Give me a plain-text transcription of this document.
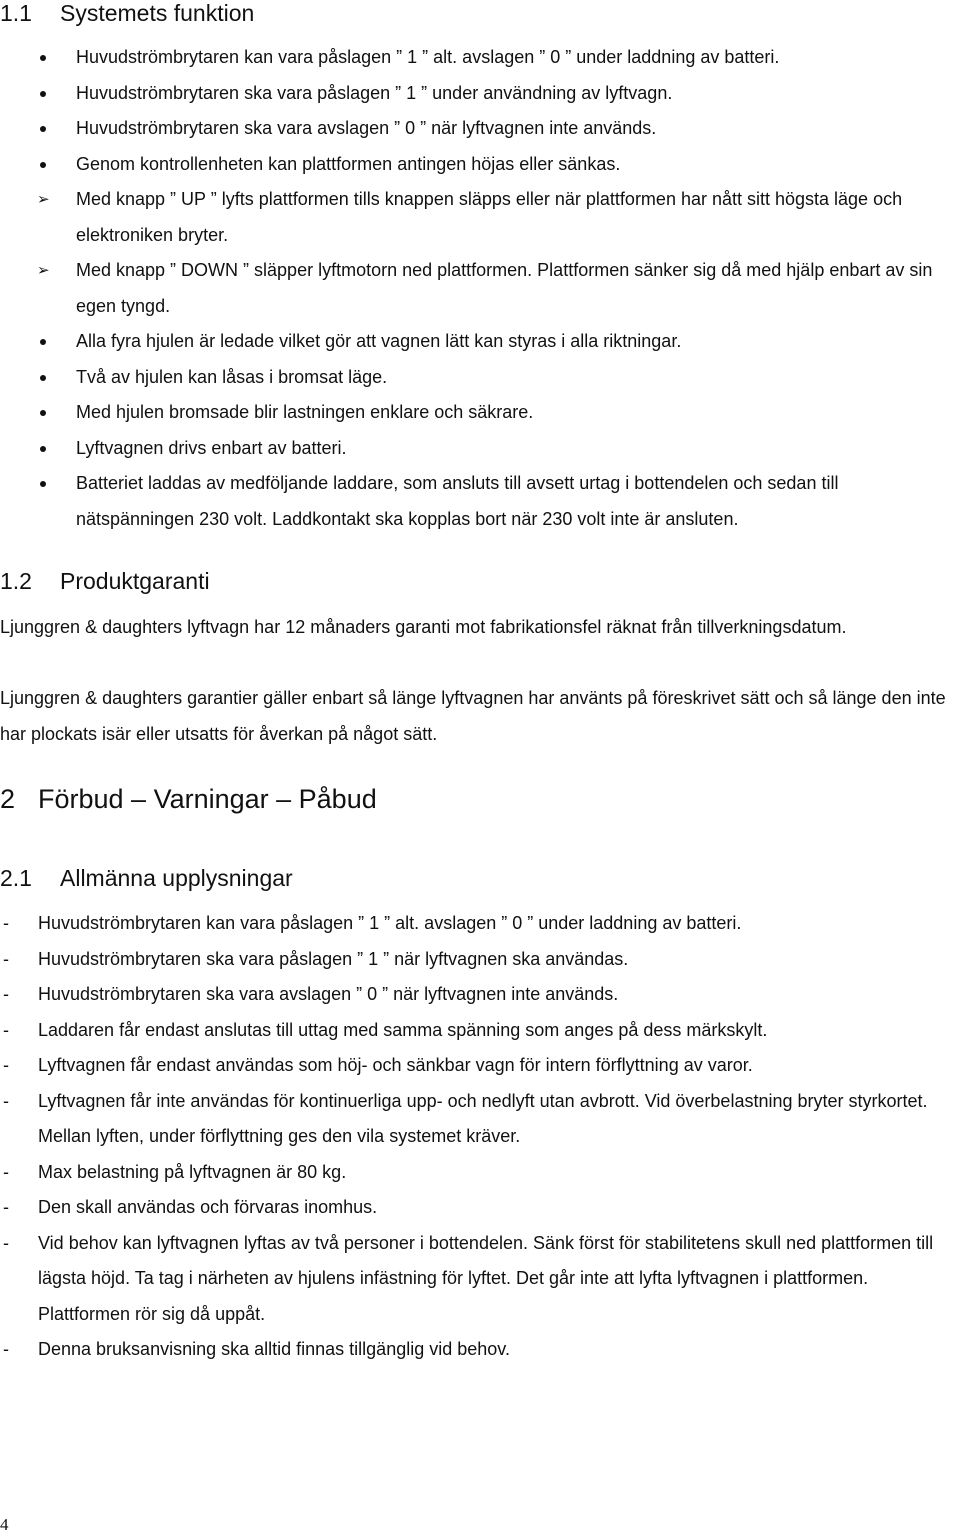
1.1 Systemets funktion
Huvudströmbrytaren kan vara påslagen ” 1 ” alt. avslagen ” 0 ” under laddning av batteri.
Huvudströmbrytaren ska vara påslagen ” 1 ” under användning av lyftvagn.
Huvudströmbrytaren ska vara avslagen ” 0 ” när lyftvagnen inte används.
Genom kontrollenheten kan plattformen antingen höjas eller sänkas.
➢ Med knapp ” UP ” lyfts plattformen tills knappen släpps eller när plattformen har nått sitt högsta läge och elektroniken bryter.
➢ Med knapp ” DOWN ” släpper lyftmotorn ned plattformen. Plattformen sänker sig då med hjälp enbart av sin egen tyngd.
Alla fyra hjulen är ledade vilket gör att vagnen lätt kan styras i alla riktningar.
Två av hjulen kan låsas i bromsat läge.
Med hjulen bromsade blir lastningen enklare och säkrare.
Lyftvagnen drivs enbart av batteri.
Batteriet laddas av medföljande laddare, som ansluts till avsett urtag i bottendelen och sedan till nätspänningen 230 volt. Laddkontakt ska kopplas bort när 230 volt inte är ansluten.
1.2 Produktgaranti

Ljunggren & daughters lyftvagn har 12 månaders garanti mot fabrikationsfel räknat från tillverkningsdatum.

Ljunggren & daughters garantier gäller enbart så länge lyftvagnen har använts på föreskrivet sätt och så länge den inte har plockats isär eller utsatts för åverkan på något sätt.

2 Förbud – Varningar – Påbud
2.1 Allmänna upplysningar
- Huvudströmbrytaren kan vara påslagen ” 1 ” alt. avslagen ” 0 ” under laddning av batteri.
- Huvudströmbrytaren ska vara påslagen ” 1 ” när lyftvagnen ska användas.
- Huvudströmbrytaren ska vara avslagen ” 0 ” när lyftvagnen inte används.
- Laddaren får endast anslutas till uttag med samma spänning som anges på dess märkskylt.
- Lyftvagnen får endast användas som höj- och sänkbar vagn för intern förflyttning av varor.
- Lyftvagnen får inte användas för kontinuerliga upp- och nedlyft utan avbrott. Vid överbelastning bryter styrkortet. Mellan lyften, under förflyttning ges den vila systemet kräver.
- Max belastning på lyftvagnen är 80 kg.
- Den skall användas och förvaras inomhus.
- Vid behov kan lyftvagnen lyftas av två personer i bottendelen. Sänk först för stabilitetens skull ned plattformen till lägsta höjd. Ta tag i närheten av hjulens infästning för lyftet. Det går inte att lyfta lyftvagnen i plattformen. Plattformen rör sig då uppåt.
- Denna bruksanvisning ska alltid finnas tillgänglig vid behov.
4
